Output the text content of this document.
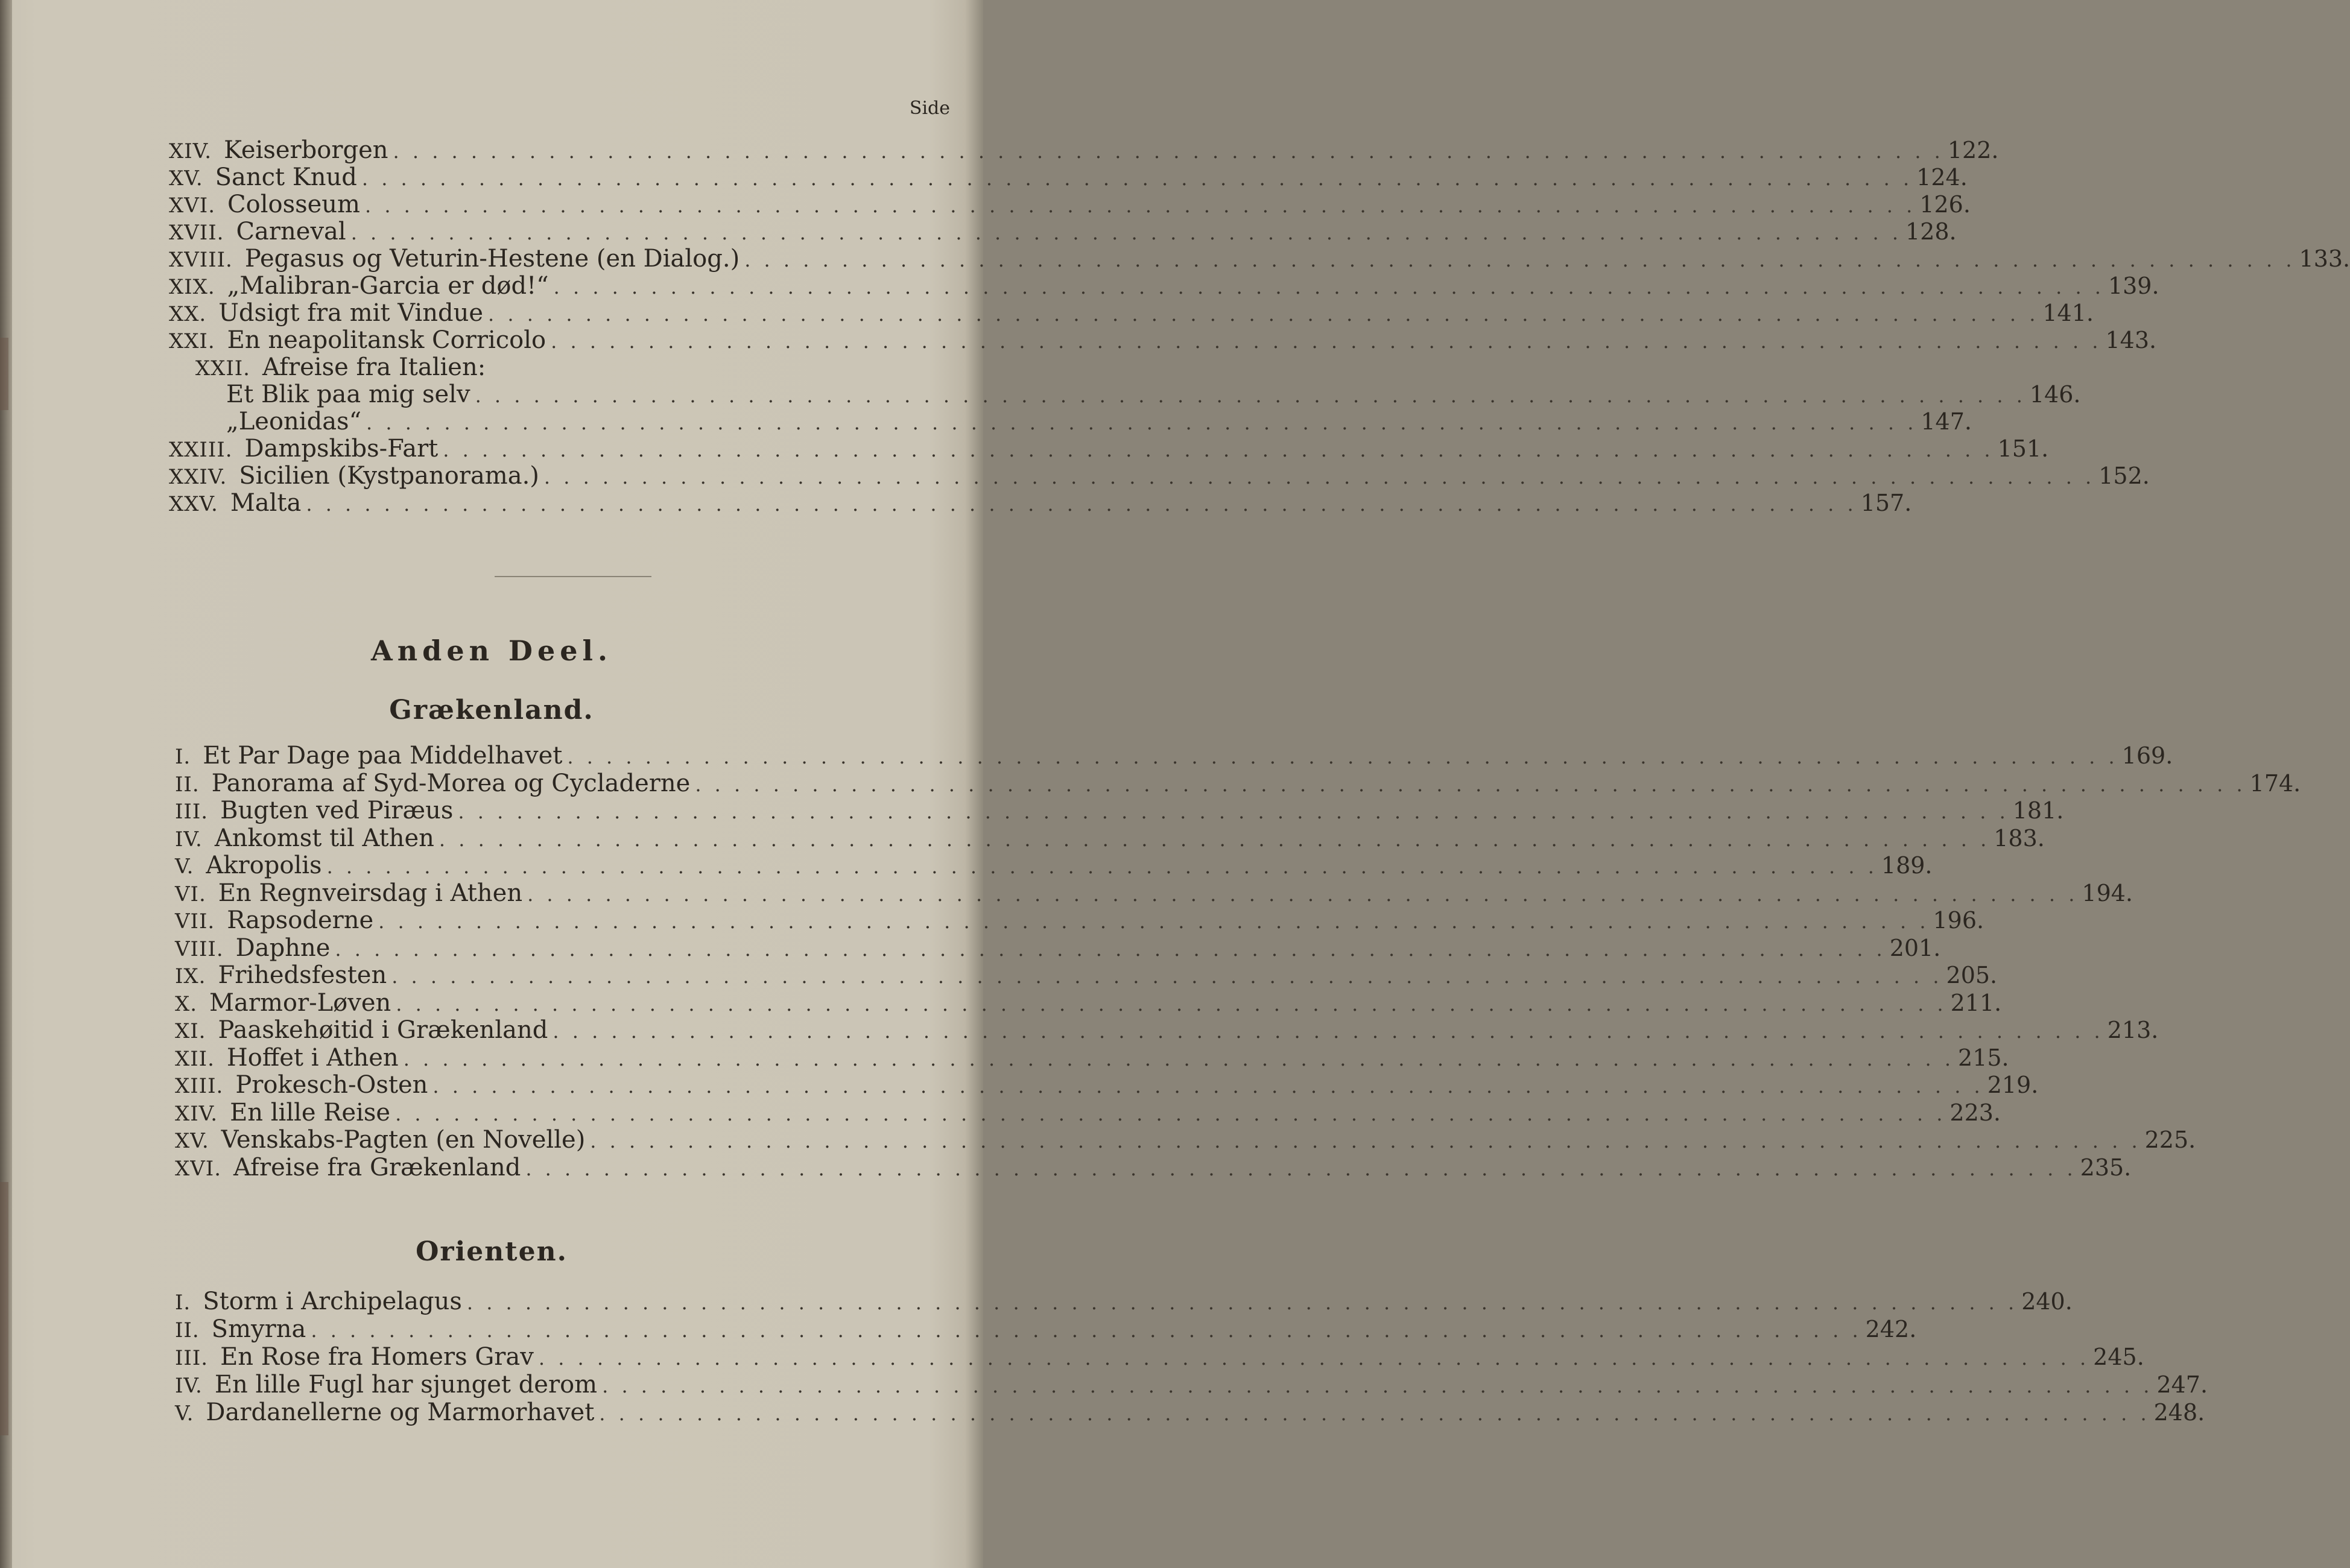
Side
XIV. Keiserborgen . . . . . . . . . . . . . . . . . . . . . . . . . . . . . . . . . . . . . . . . . . . . . . . . . . . . . . . . . . . . . . . . . . . . . . . . . . . . . . . . 122.
XV. Sanct Knud . . . . . . . . . . . . . . . . . . . . . . . . . . . . . . . . . . . . . . . . . . . . . . . . . . . . . . . . . . . . . . . . . . . . . . . . . . . . . . . . 124.
XVI. Colosseum . . . . . . . . . . . . . . . . . . . . . . . . . . . . . . . . . . . . . . . . . . . . . . . . . . . . . . . . . . . . . . . . . . . . . . . . . . . . . . . . 126.
XVII. Carneval . . . . . . . . . . . . . . . . . . . . . . . . . . . . . . . . . . . . . . . . . . . . . . . . . . . . . . . . . . . . . . . . . . . . . . . . . . . . . . . . 128.
XVIII. Pegasus og Veturin-Hestene (en Dialog.) . . . . . . . . . . . . . . . . . . . . . . . . . . . . . . . . . . . . . . . . . . . . . . . . . . . . . . . . . . . . . . . . . . . . . . . . . . . . . . . . 133.
XIX. „Malibran-Garcia er død!“ . . . . . . . . . . . . . . . . . . . . . . . . . . . . . . . . . . . . . . . . . . . . . . . . . . . . . . . . . . . . . . . . . . . . . . . . . . . . . . . . 139.
XX. Udsigt fra mit Vindue . . . . . . . . . . . . . . . . . . . . . . . . . . . . . . . . . . . . . . . . . . . . . . . . . . . . . . . . . . . . . . . . . . . . . . . . . . . . . . . . 141.
XXI. En neapolitansk Corricolo . . . . . . . . . . . . . . . . . . . . . . . . . . . . . . . . . . . . . . . . . . . . . . . . . . . . . . . . . . . . . . . . . . . . . . . . . . . . . . . . 143.
XXII. Afreise fra Italien:
Et Blik paa mig selv . . . . . . . . . . . . . . . . . . . . . . . . . . . . . . . . . . . . . . . . . . . . . . . . . . . . . . . . . . . . . . . . . . . . . . . . . . . . . . . . 146.
„Leonidas“ . . . . . . . . . . . . . . . . . . . . . . . . . . . . . . . . . . . . . . . . . . . . . . . . . . . . . . . . . . . . . . . . . . . . . . . . . . . . . . . . 147.
XXIII. Dampskibs-Fart . . . . . . . . . . . . . . . . . . . . . . . . . . . . . . . . . . . . . . . . . . . . . . . . . . . . . . . . . . . . . . . . . . . . . . . . . . . . . . . . 151.
XXIV. Sicilien (Kystpanorama.) . . . . . . . . . . . . . . . . . . . . . . . . . . . . . . . . . . . . . . . . . . . . . . . . . . . . . . . . . . . . . . . . . . . . . . . . . . . . . . . . 152.
XXV. Malta . . . . . . . . . . . . . . . . . . . . . . . . . . . . . . . . . . . . . . . . . . . . . . . . . . . . . . . . . . . . . . . . . . . . . . . . . . . . . . . . 157.
Anden Deel.
Grækenland.
I. Et Par Dage paa Middelhavet . . . . . . . . . . . . . . . . . . . . . . . . . . . . . . . . . . . . . . . . . . . . . . . . . . . . . . . . . . . . . . . . . . . . . . . . . . . . . . . . 169.
II. Panorama af Syd-Morea og Cycladerne . . . . . . . . . . . . . . . . . . . . . . . . . . . . . . . . . . . . . . . . . . . . . . . . . . . . . . . . . . . . . . . . . . . . . . . . . . . . . . . . 174.
III. Bugten ved Piræus . . . . . . . . . . . . . . . . . . . . . . . . . . . . . . . . . . . . . . . . . . . . . . . . . . . . . . . . . . . . . . . . . . . . . . . . . . . . . . . . 181.
IV. Ankomst til Athen . . . . . . . . . . . . . . . . . . . . . . . . . . . . . . . . . . . . . . . . . . . . . . . . . . . . . . . . . . . . . . . . . . . . . . . . . . . . . . . . 183.
V. Akropolis . . . . . . . . . . . . . . . . . . . . . . . . . . . . . . . . . . . . . . . . . . . . . . . . . . . . . . . . . . . . . . . . . . . . . . . . . . . . . . . . 189.
VI. En Regnveirsdag i Athen . . . . . . . . . . . . . . . . . . . . . . . . . . . . . . . . . . . . . . . . . . . . . . . . . . . . . . . . . . . . . . . . . . . . . . . . . . . . . . . . 194.
VII. Rapsoderne . . . . . . . . . . . . . . . . . . . . . . . . . . . . . . . . . . . . . . . . . . . . . . . . . . . . . . . . . . . . . . . . . . . . . . . . . . . . . . . . 196.
VIII. Daphne . . . . . . . . . . . . . . . . . . . . . . . . . . . . . . . . . . . . . . . . . . . . . . . . . . . . . . . . . . . . . . . . . . . . . . . . . . . . . . . . 201.
IX. Frihedsfesten . . . . . . . . . . . . . . . . . . . . . . . . . . . . . . . . . . . . . . . . . . . . . . . . . . . . . . . . . . . . . . . . . . . . . . . . . . . . . . . . 205.
X. Marmor-Løven . . . . . . . . . . . . . . . . . . . . . . . . . . . . . . . . . . . . . . . . . . . . . . . . . . . . . . . . . . . . . . . . . . . . . . . . . . . . . . . . 211.
XI. Paaskehøitid i Grækenland . . . . . . . . . . . . . . . . . . . . . . . . . . . . . . . . . . . . . . . . . . . . . . . . . . . . . . . . . . . . . . . . . . . . . . . . . . . . . . . . 213.
XII. Hoffet i Athen . . . . . . . . . . . . . . . . . . . . . . . . . . . . . . . . . . . . . . . . . . . . . . . . . . . . . . . . . . . . . . . . . . . . . . . . . . . . . . . . 215.
XIII. Prokesch-Osten . . . . . . . . . . . . . . . . . . . . . . . . . . . . . . . . . . . . . . . . . . . . . . . . . . . . . . . . . . . . . . . . . . . . . . . . . . . . . . . . 219.
XIV. En lille Reise . . . . . . . . . . . . . . . . . . . . . . . . . . . . . . . . . . . . . . . . . . . . . . . . . . . . . . . . . . . . . . . . . . . . . . . . . . . . . . . . 223.
XV. Venskabs-Pagten (en Novelle) . . . . . . . . . . . . . . . . . . . . . . . . . . . . . . . . . . . . . . . . . . . . . . . . . . . . . . . . . . . . . . . . . . . . . . . . . . . . . . . . 225.
XVI. Afreise fra Grækenland . . . . . . . . . . . . . . . . . . . . . . . . . . . . . . . . . . . . . . . . . . . . . . . . . . . . . . . . . . . . . . . . . . . . . . . . . . . . . . . . 235.
Orienten.
I. Storm i Archipelagus . . . . . . . . . . . . . . . . . . . . . . . . . . . . . . . . . . . . . . . . . . . . . . . . . . . . . . . . . . . . . . . . . . . . . . . . . . . . . . . . 240.
II. Smyrna . . . . . . . . . . . . . . . . . . . . . . . . . . . . . . . . . . . . . . . . . . . . . . . . . . . . . . . . . . . . . . . . . . . . . . . . . . . . . . . . 242.
III. En Rose fra Homers Grav . . . . . . . . . . . . . . . . . . . . . . . . . . . . . . . . . . . . . . . . . . . . . . . . . . . . . . . . . . . . . . . . . . . . . . . . . . . . . . . . 245.
IV. En lille Fugl har sjunget derom . . . . . . . . . . . . . . . . . . . . . . . . . . . . . . . . . . . . . . . . . . . . . . . . . . . . . . . . . . . . . . . . . . . . . . . . . . . . . . . . 247.
V. Dardanellerne og Marmorhavet . . . . . . . . . . . . . . . . . . . . . . . . . . . . . . . . . . . . . . . . . . . . . . . . . . . . . . . . . . . . . . . . . . . . . . . . . . . . . . . . 248.
